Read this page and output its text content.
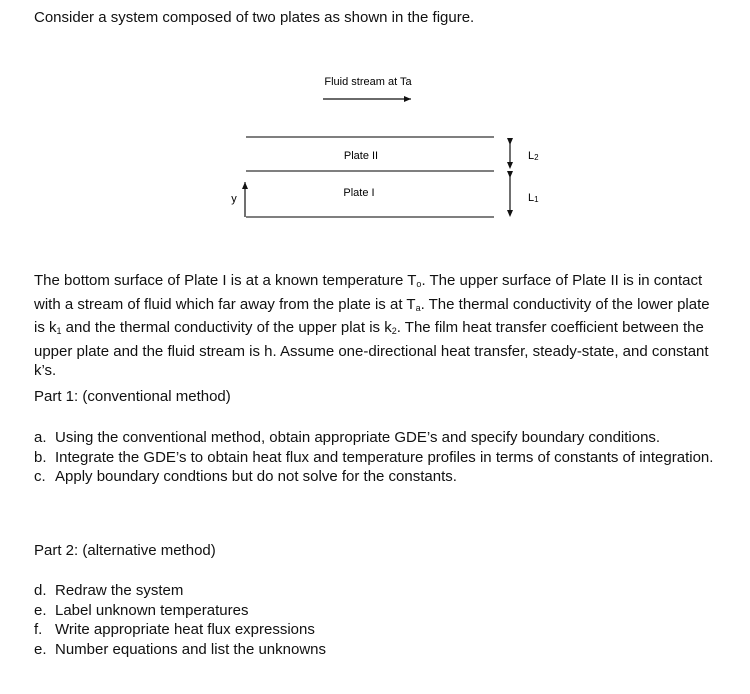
Consider a system composed of two plates as shown in the figure.
Fluid stream at Ta
Plate II
Plate I
y
L2
L1
The bottom surface of Plate I is at a known temperature $T_o$. The upper surface of Plate II is in contact with a stream of fluid which far away from the plate is at $T_a$. The thermal conductivity of the lower plate is $k_1$ and the thermal conductivity of the upper plat is $k_2$. The film heat transfer coefficient between the upper plate and the fluid stream is h. Assume one-directional heat transfer, steady-state, and constant k’s.
Part 1: (conventional method)
a. Using the conventional method, obtain appropriate GDE’s and specify boundary conditions.
b. Integrate the GDE’s to obtain heat flux and temperature profiles in terms of constants of integration.
c. Apply boundary condtions but do not solve for the constants.
Part 2: (alternative method)
d. Redraw the system
e. Label unknown temperatures
f. Write appropriate heat flux expressions
e. Number equations and list the unknowns
